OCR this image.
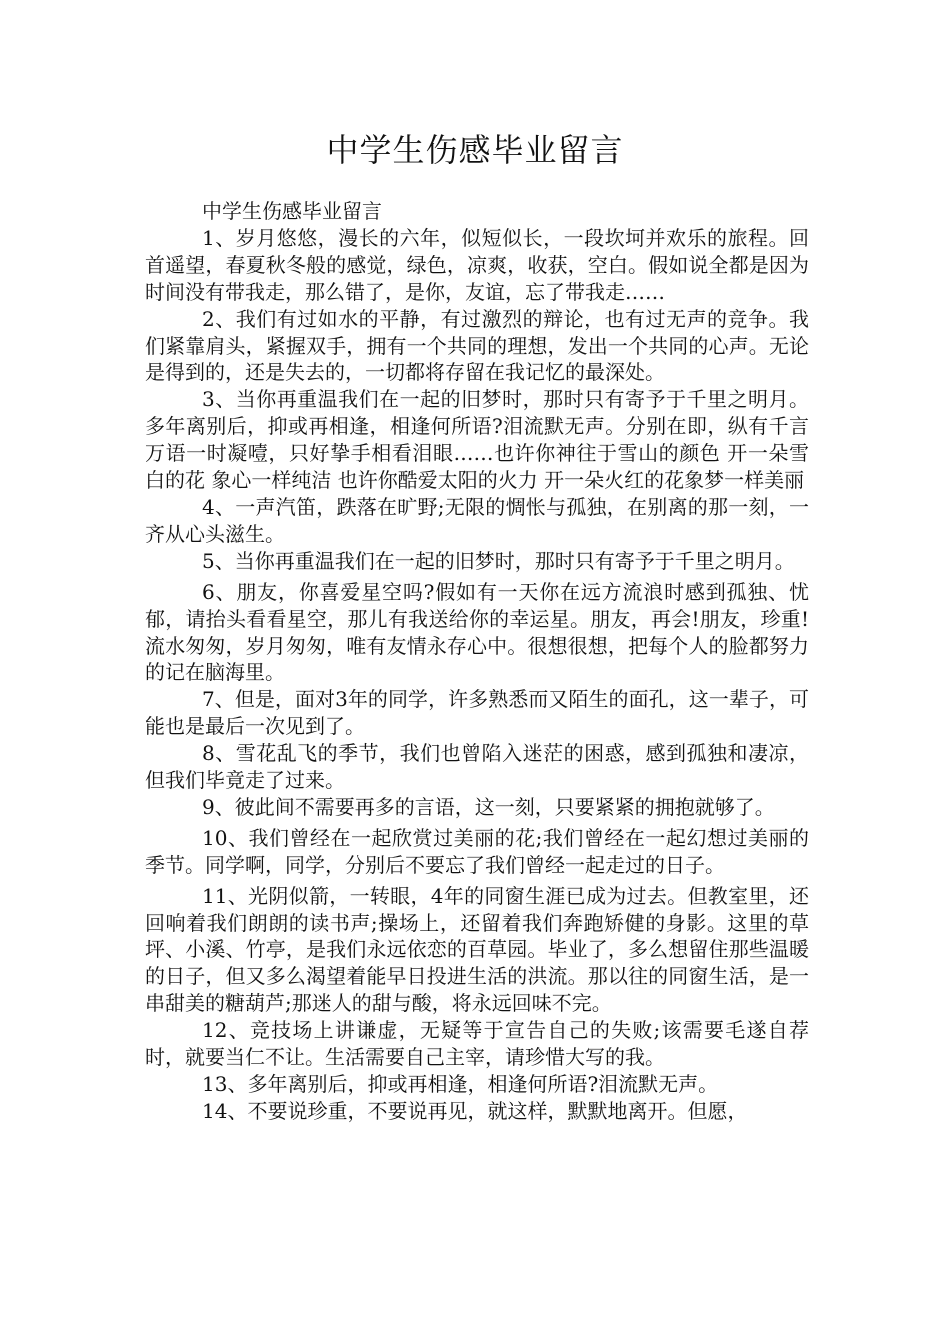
中学生伤感毕业留言

中学生伤感毕业留言

1、岁月悠悠，漫长的六年，似短似长，一段坎坷并欢乐的旅程。回首遥望，春夏秋冬般的感觉，绿色，凉爽，收获，空白。假如说全都是因为时间没有带我走，那么错了，是你，友谊，忘了带我走……

2、我们有过如水的平静，有过激烈的辩论，也有过无声的竞争。我们紧靠肩头，紧握双手，拥有一个共同的理想，发出一个共同的心声。无论是得到的，还是失去的，一切都将存留在我记忆的最深处。

3、当你再重温我们在一起的旧梦时，那时只有寄予于千里之明月。 多年离别后，抑或再相逢，相逢何所语?泪流默无声。分别在即，纵有千言万语一时凝噎，只好挚手相看泪眼……也许你神往于雪山的颜色 开一朵雪白的花 象心一样纯洁 也许你酷爱太阳的火力 开一朵火红的花象梦一样美丽

4、一声汽笛，跌落在旷野;无限的惆怅与孤独，在别离的那一刻，一齐从心头滋生。

5、当你再重温我们在一起的旧梦时，那时只有寄予于千里之明月。

6、朋友，你喜爱星空吗?假如有一天你在远方流浪时感到孤独、忧郁，请抬头看看星空，那儿有我送给你的幸运星。朋友，再会!朋友，珍重!流水匆匆，岁月匆匆，唯有友情永存心中。很想很想，把每个人的脸都努力的记在脑海里。

7、但是，面对3年的同学，许多熟悉而又陌生的面孔，这一辈子，可能也是最后一次见到了。

8、雪花乱飞的季节，我们也曾陷入迷茫的困惑，感到孤独和凄凉，但我们毕竟走了过来。

9、彼此间不需要再多的言语，这一刻，只要紧紧的拥抱就够了。

10、我们曾经在一起欣赏过美丽的花;我们曾经在一起幻想过美丽的季节。同学啊，同学，分别后不要忘了我们曾经一起走过的日子。

11、光阴似箭，一转眼，4年的同窗生涯已成为过去。但教室里，还回响着我们朗朗的读书声;操场上，还留着我们奔跑矫健的身影。这里的草坪、小溪、竹亭，是我们永远依恋的百草园。毕业了，多么想留住那些温暖的日子，但又多么渴望着能早日投进生活的洪流。那以往的同窗生活，是一串甜美的糖葫芦;那迷人的甜与酸，将永远回味不完。

12、竞技场上讲谦虚，无疑等于宣告自己的失败;该需要毛遂自荐时，就要当仁不让。生活需要自己主宰，请珍惜大写的我。

13、多年离别后，抑或再相逢，相逢何所语?泪流默无声。

14、不要说珍重，不要说再见，就这样，默默地离开。但愿，
